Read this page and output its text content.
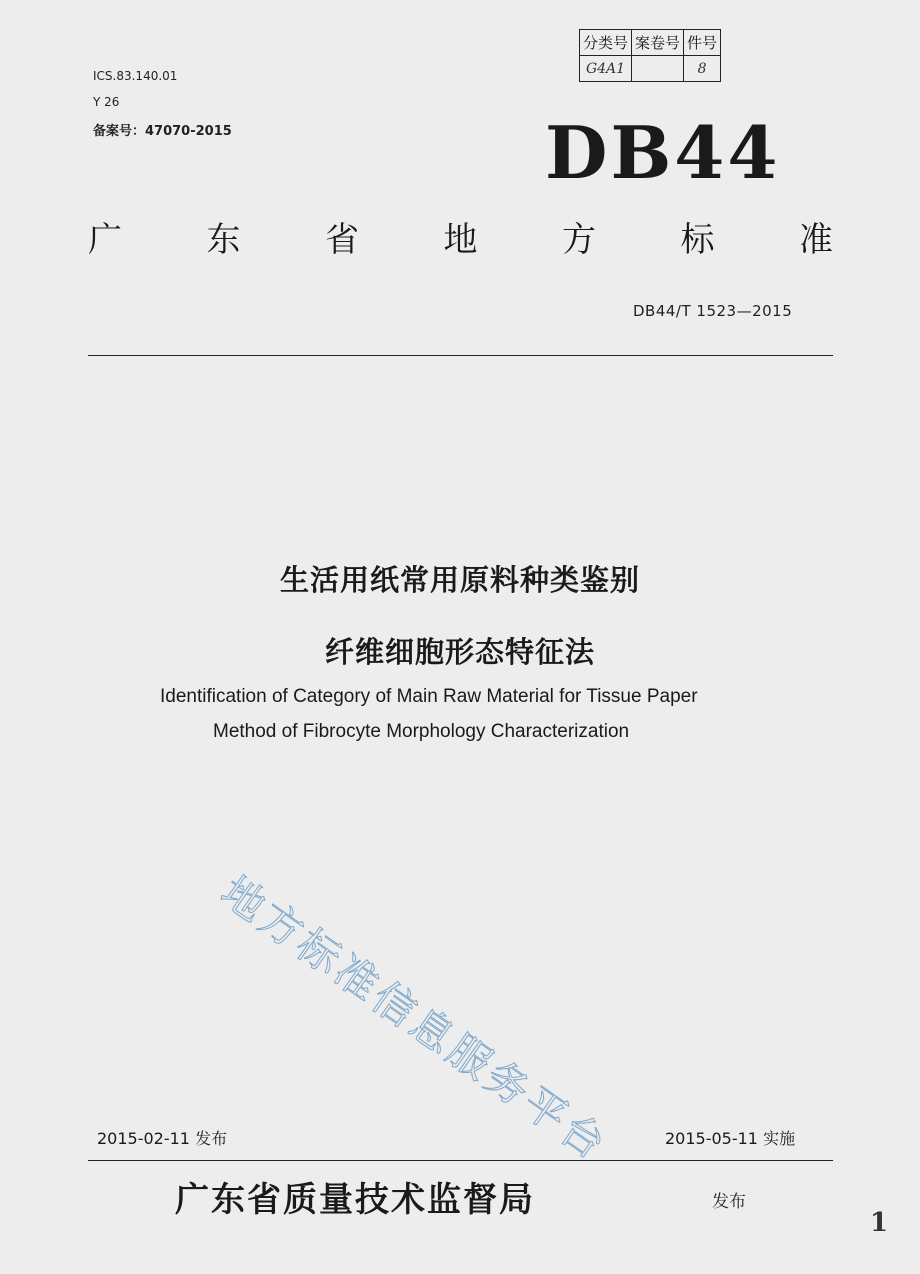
ICS.83.140.01
Y 26
备案号：47070-2015
分类号	案卷号	件号
G4A1		8
DB44
广 东 省 地 方 标 准
DB44/T 1523—2015
生活用纸常用原料种类鉴别
纤维细胞形态特征法
Identification of Category of Main Raw Material for Tissue Paper
Method of Fibrocyte Morphology Characterization
地方标准信息服务平台
2015-02-11 发布	2015-05-11 实施
广东省质量技术监督局	发布
1
